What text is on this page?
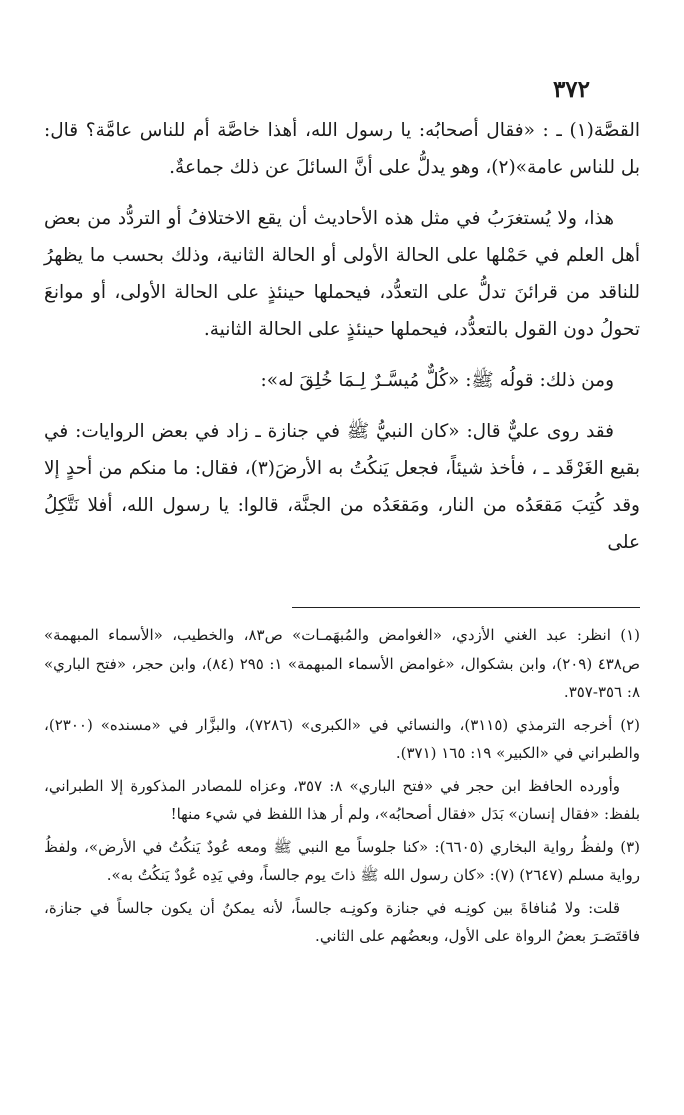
٣٧٢

القصَّة(١) ـ : «فقال أصحابُه: يا رسول الله، أهذا خاصَّة أم للناس عامَّة؟ قال: بل للناس عامة»(٢)، وهو يدلُّ على أنَّ السائلَ عن ذلك جماعةٌ.

هذا، ولا يُستغرَبُ في مثل هذه الأحاديث أن يقع الاختلافُ أو التردُّد من بعض أهل العلم في حَمْلها على الحالة الأولى أو الحالة الثانية، وذلك بحسب ما يظهرُ للناقد من قرائنَ تدلُّ على التعدُّد، فيحملها حينئذٍ على الحالة الأولى، أو موانعَ تحولُ دون القول بالتعدُّد، فيحملها حينئذٍ على الحالة الثانية.

ومن ذلك: قولُه ﷺ: «كُلٌّ مُيسَّـرٌ لِـمَا خُلِقَ له»:

فقد روى عليٌّ قال: «كان النبيُّ ﷺ في جنازة ـ زاد في بعض الروايات: في بقيع الغَرْقَد ـ ، فأخذ شيئاً، فجعل يَنكُتُ به الأرضَ(٣)، فقال: ما منكم من أحدٍ إلا وقد كُتِبَ مَقعَدُه من النار، ومَقعَدُه من الجنَّة، قالوا: يا رسول الله، أفلا نَتَّكِلُ على

(١) انظر: عبد الغني الأزدي، «الغوامض والمُبهَمـات» ص٨٣، والخطيب، «الأسماء المبهمة» ص٤٣٨ (٢٠٩)، وابن بشكوال، «غوامض الأسماء المبهمة» ١: ٢٩٥ (٨٤)، وابن حجر، «فتح الباري» ٨: ٣٥٦-٣٥٧.

(٢) أخرجه الترمذي (٣١١٥)، والنسائي في «الكبرى» (٧٢٨٦)، والبزَّار في «مسنده» (٢٣٠٠)، والطبراني في «الكبير» ١٩: ١٦٥ (٣٧١).

وأورده الحافظ ابن حجر في «فتح الباري» ٨: ٣٥٧، وعزاه للمصادر المذكورة إلا الطبراني، بلفظ: «فقال إنسان» بَدَل «فقال أصحابُه»، ولم أر هذا اللفظ في شيء منها!

(٣) ولفظُ رواية البخاري (٦٦٠٥): «كنا جلوساً مع النبي ﷺ ومعه عُودٌ يَنكُتُ في الأرض»، ولفظُ رواية مسلم (٢٦٤٧) (٧): «كان رسول الله ﷺ ذاتَ يوم جالساً، وفي يَدِه عُودٌ يَنكُتُ به».

قلت: ولا مُنافاةَ بين كونِـه في جنازة وكونِـه جالساً، لأنه يمكنُ أن يكون جالساً في جنازة، فاقتَصَـرَ بعضُ الرواة على الأول، وبعضُهم على الثاني.
